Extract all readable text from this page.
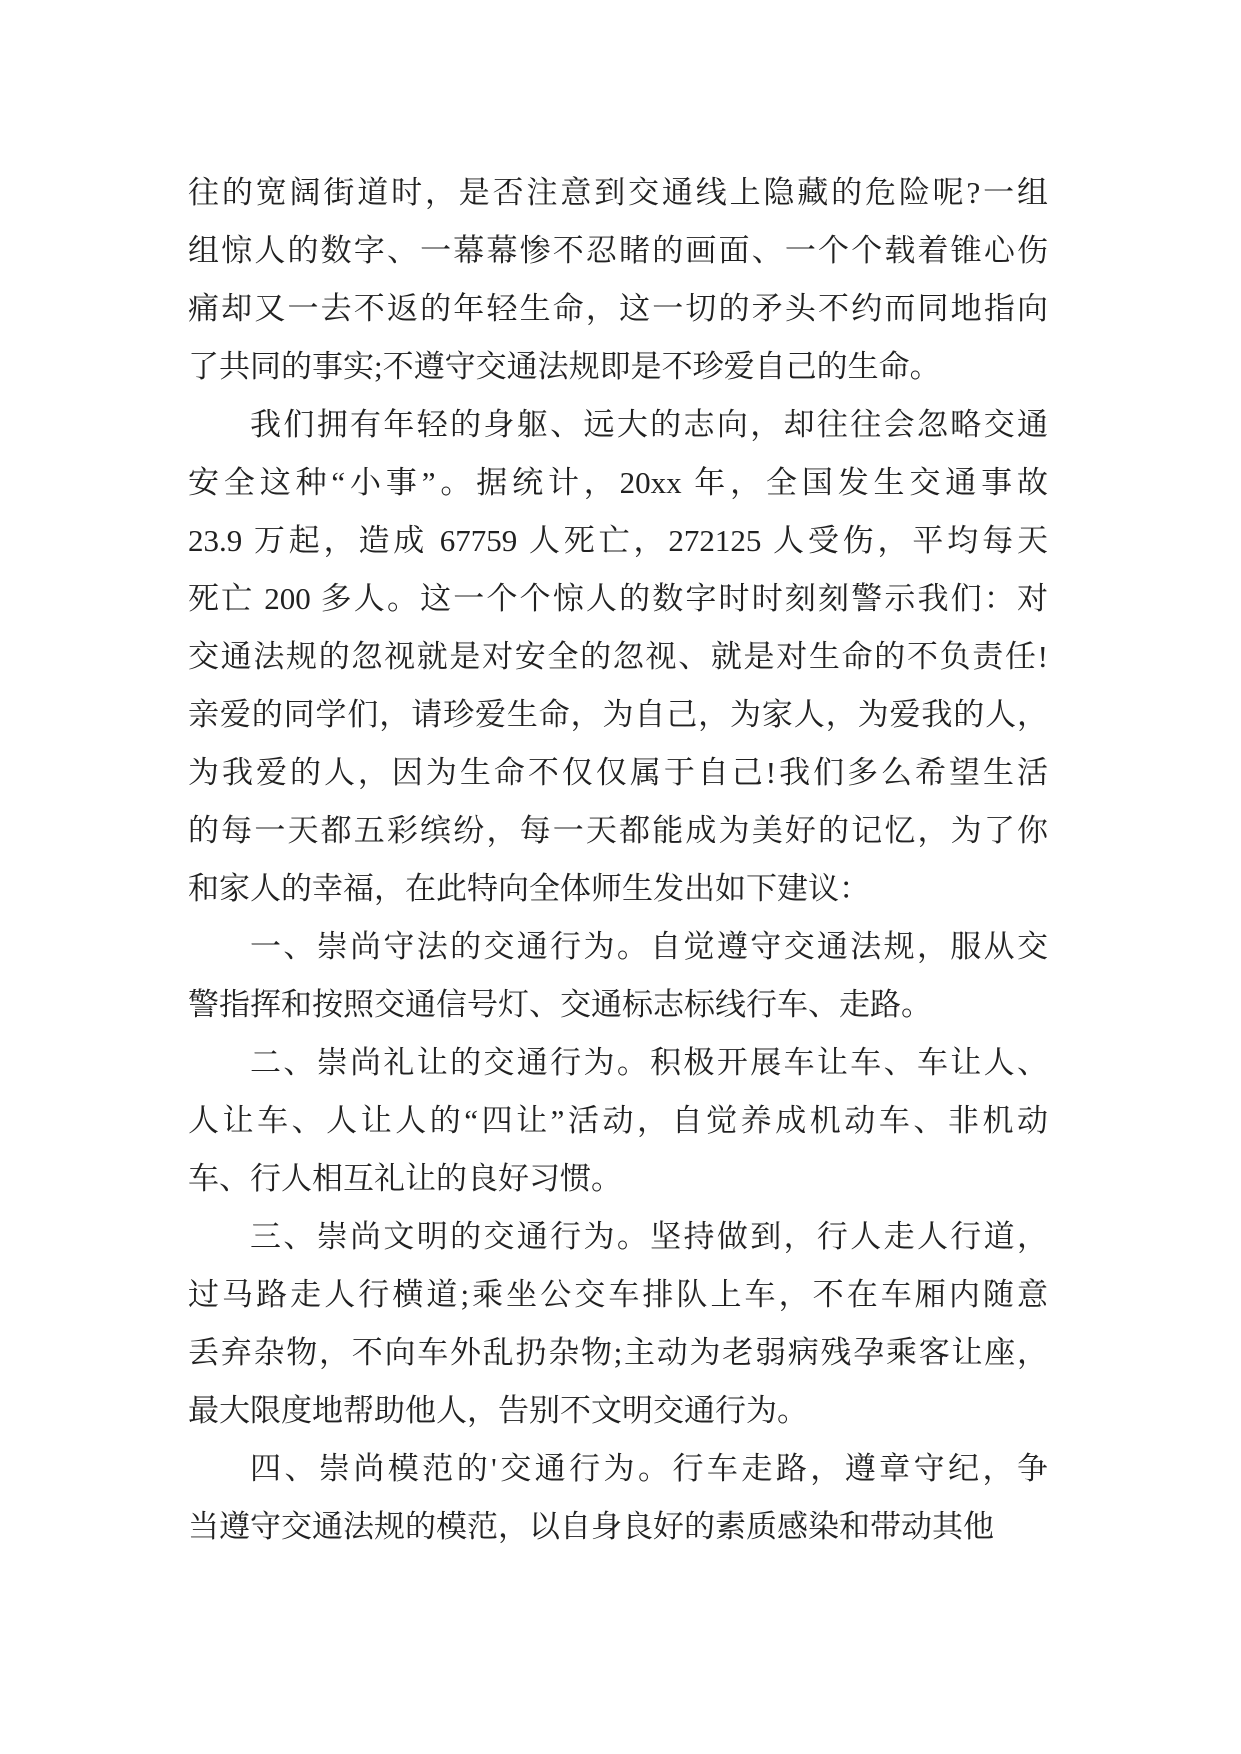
往的宽阔街道时，是否注意到交通线上隐藏的危险呢?一组
组惊人的数字、一幕幕惨不忍睹的画面、一个个载着锥心伤
痛却又一去不返的年轻生命，这一切的矛头不约而同地指向
了共同的事实;不遵守交通法规即是不珍爱自己的生命。
我们拥有年轻的身躯、远大的志向，却往往会忽略交通
安全这种“小事”。据统计，20xx 年，全国发生交通事故
23.9 万起，造成 67759 人死亡，272125 人受伤，平均每天
死亡 200 多人。这一个个惊人的数字时时刻刻警示我们：对
交通法规的忽视就是对安全的忽视、就是对生命的不负责任!
亲爱的同学们，请珍爱生命，为自己，为家人，为爱我的人，
为我爱的人，因为生命不仅仅属于自己!我们多么希望生活
的每一天都五彩缤纷，每一天都能成为美好的记忆，为了你
和家人的幸福，在此特向全体师生发出如下建议：
一、崇尚守法的交通行为。自觉遵守交通法规，服从交
警指挥和按照交通信号灯、交通标志标线行车、走路。
二、崇尚礼让的交通行为。积极开展车让车、车让人、
人让车、人让人的“四让”活动，自觉养成机动车、非机动
车、行人相互礼让的良好习惯。
三、崇尚文明的交通行为。坚持做到，行人走人行道，
过马路走人行横道;乘坐公交车排队上车，不在车厢内随意
丢弃杂物，不向车外乱扔杂物;主动为老弱病残孕乘客让座，
最大限度地帮助他人，告别不文明交通行为。
四、崇尚模范的'交通行为。行车走路，遵章守纪，争
当遵守交通法规的模范，以自身良好的素质感染和带动其他
